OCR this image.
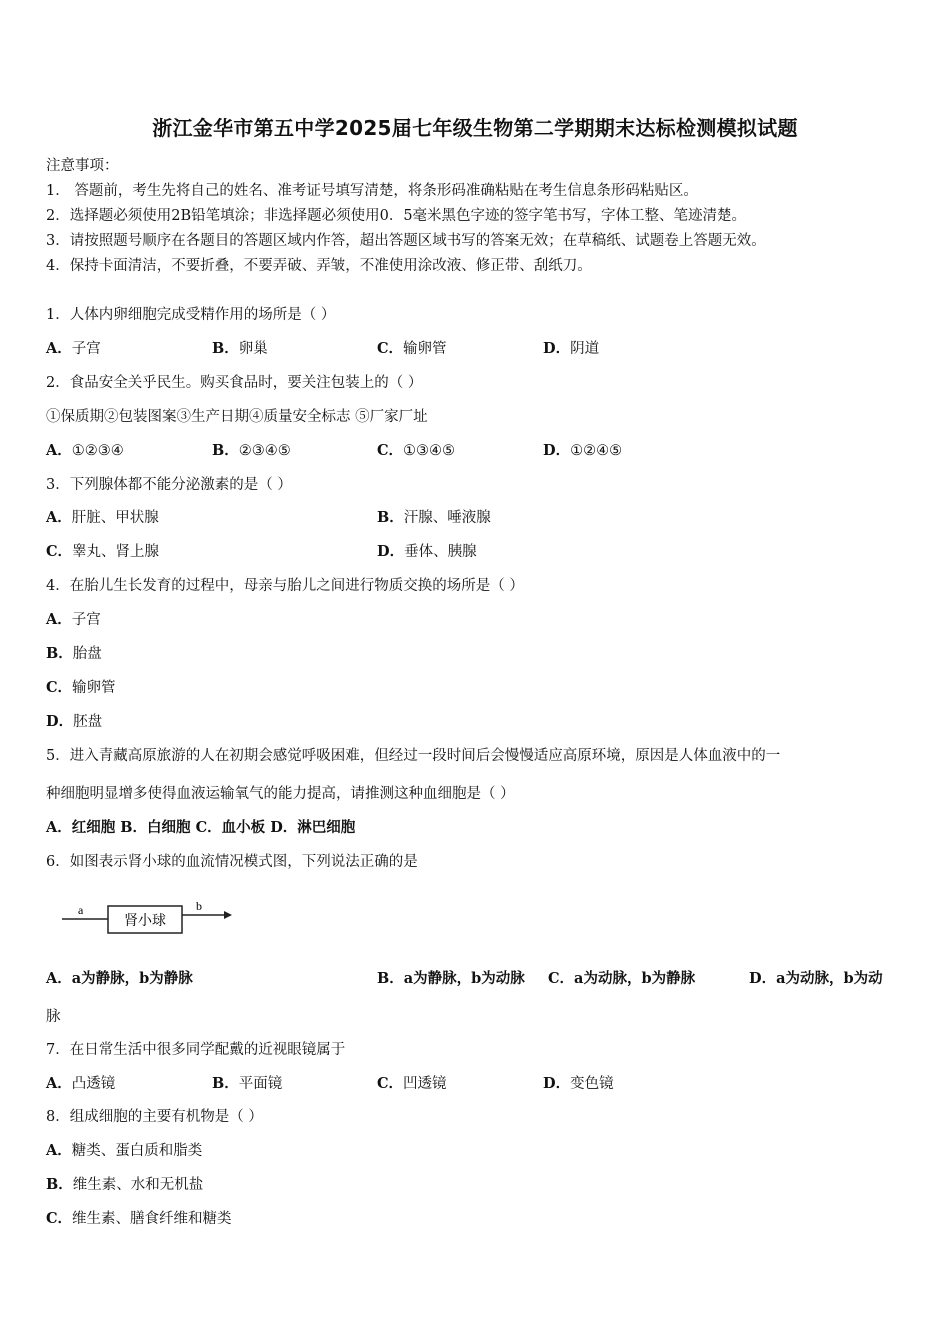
浙江金华市第五中学2025届七年级生物第二学期期末达标检测模拟试题
注意事项：
1． 答题前，考生先将自己的姓名、准考证号填写清楚，将条形码准确粘贴在考生信息条形码粘贴区。
2．选择题必须使用2B铅笔填涂；非选择题必须使用0．5毫米黑色字迹的签字笔书写，字体工整、笔迹清楚。
3．请按照题号顺序在各题目的答题区域内作答，超出答题区域书写的答案无效；在草稿纸、试题卷上答题无效。
4．保持卡面清洁，不要折叠，不要弄破、弄皱，不准使用涂改液、修正带、刮纸刀。
1．人体内卵细胞完成受精作用的场所是（ ）
A．子宫	B．卵巢	C．输卵管	D．阴道
2．食品安全关乎民生。购买食品时，要关注包装上的（ ）
①保质期②包装图案③生产日期④质量安全标志 ⑤厂家厂址
A．①②③④	B．②③④⑤	C．①③④⑤	D．①②④⑤
3．下列腺体都不能分泌激素的是（ ）
A．肝脏、甲状腺	B．汗腺、唾液腺
C．睾丸、肾上腺	D．垂体、胰腺
4．在胎儿生长发育的过程中，母亲与胎儿之间进行物质交换的场所是（ ）
A．子宫
B．胎盘
C．输卵管
D．胚盘
5．进入青藏高原旅游的人在初期会感觉呼吸困难，但经过一段时间后会慢慢适应高原环境，原因是人体血液中的一
种细胞明显增多使得血液运输氧气的能力提高，请推测这种血细胞是（ ）
A．红细胞 B．白细胞 C．血小板 D．淋巴细胞
6．如图表示肾小球的血流情况模式图，下列说法正确的是
a
肾小球
b
A．a为静脉，b为静脉	B．a为静脉，b为动脉 C．a为动脉，b为静脉	D．a为动脉，b为动
脉
7．在日常生活中很多同学配戴的近视眼镜属于
A．凸透镜	B．平面镜	C．凹透镜	D．变色镜
8．组成细胞的主要有机物是（ ）
A．糖类、蛋白质和脂类
B．维生素、水和无机盐
C．维生素、膳食纤维和糖类
